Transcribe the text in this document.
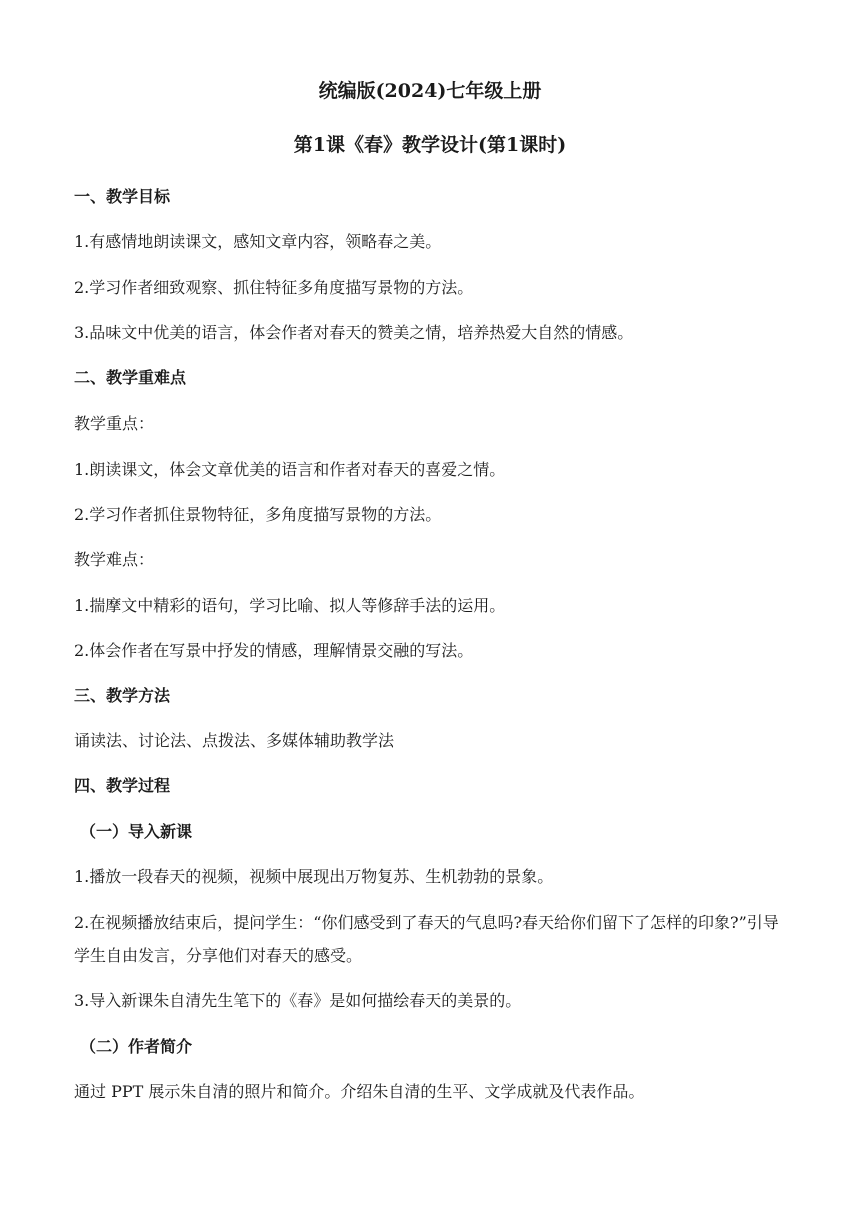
统编版(2024)七年级上册
第1课《春》教学设计(第1课时)
一、教学目标
1.有感情地朗读课文，感知文章内容，领略春之美。
2.学习作者细致观察、抓住特征多角度描写景物的方法。
3.品味文中优美的语言，体会作者对春天的赞美之情，培养热爱大自然的情感。
二、教学重难点
教学重点：
1.朗读课文，体会文章优美的语言和作者对春天的喜爱之情。
2.学习作者抓住景物特征，多角度描写景物的方法。
教学难点：
1.揣摩文中精彩的语句，学习比喻、拟人等修辞手法的运用。
2.体会作者在写景中抒发的情感，理解情景交融的写法。
三、教学方法
诵读法、讨论法、点拨法、多媒体辅助教学法
四、教学过程
（一）导入新课
1.播放一段春天的视频，视频中展现出万物复苏、生机勃勃的景象。
2.在视频播放结束后，提问学生：“你们感受到了春天的气息吗?春天给你们留下了怎样的印象?”引导学生自由发言，分享他们对春天的感受。
3.导入新课朱自清先生笔下的《春》是如何描绘春天的美景的。
（二）作者简介
通过 PPT 展示朱自清的照片和简介。介绍朱自清的生平、文学成就及代表作品。
